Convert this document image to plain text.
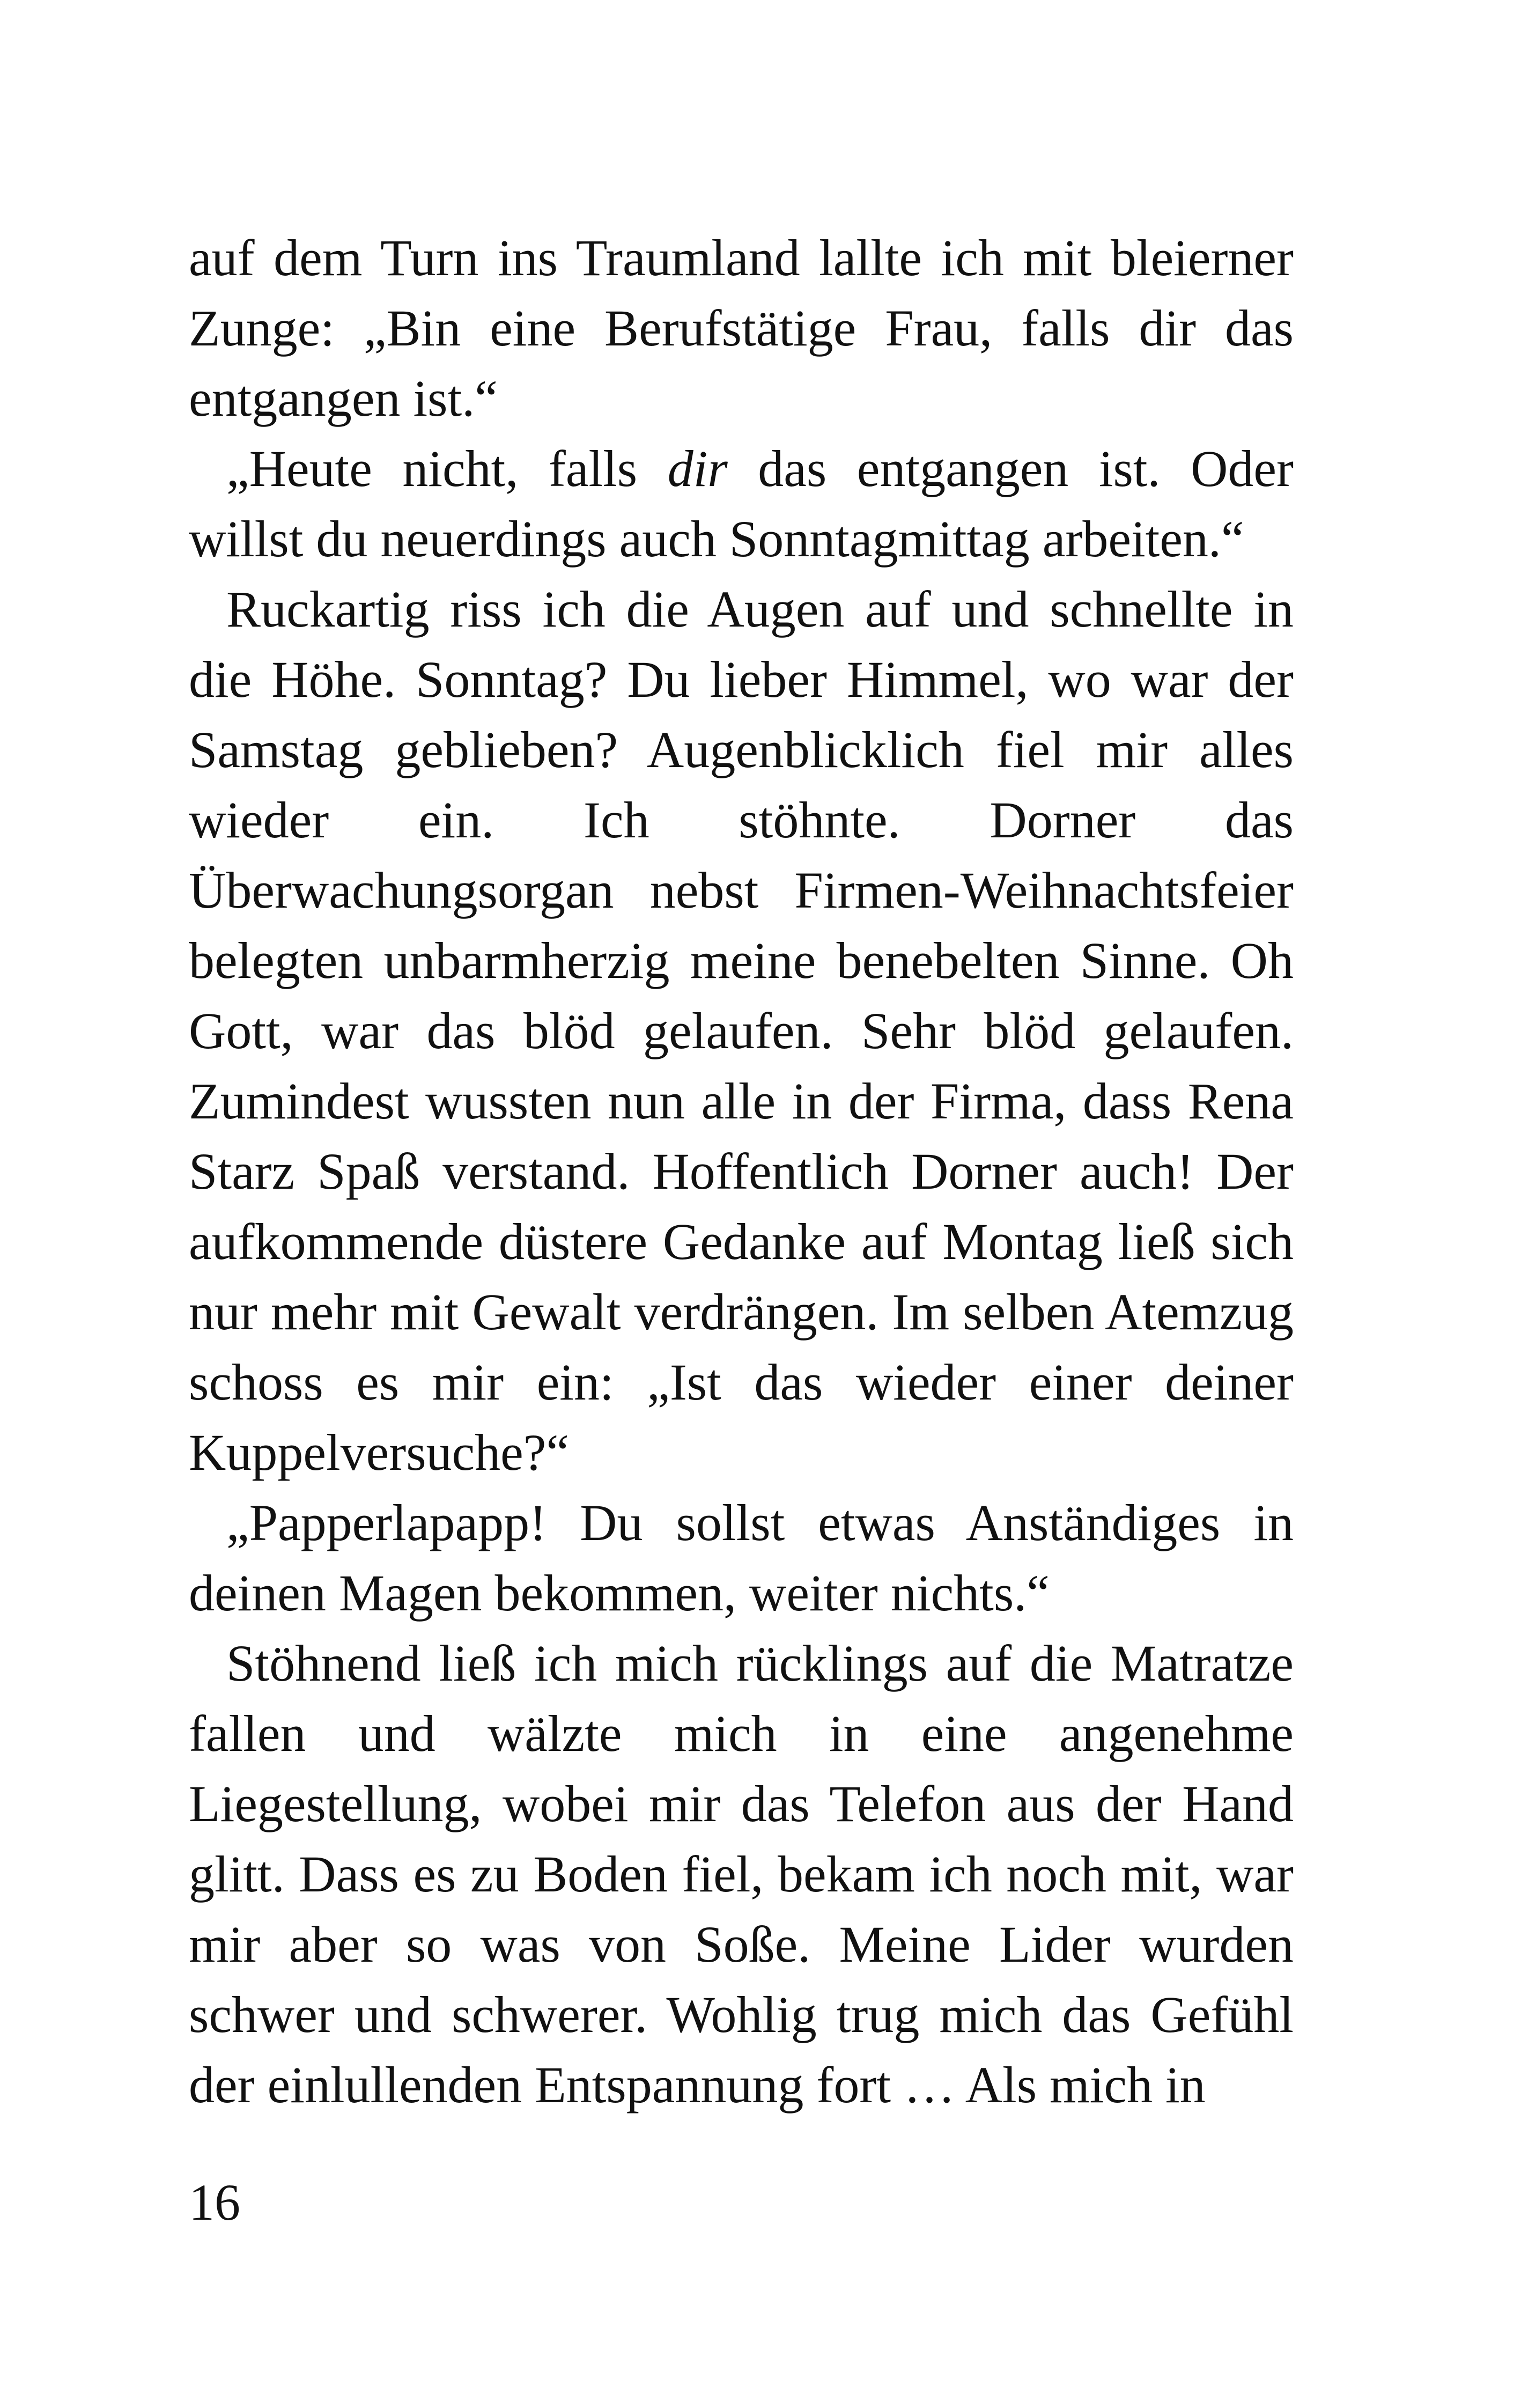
auf dem Turn ins Traumland lallte ich mit bleierner Zunge: „Bin eine Berufstätige Frau, falls dir das entgangen ist.“

„Heute nicht, falls dir das entgangen ist. Oder willst du neuerdings auch Sonntagmittag arbeiten.“

Ruckartig riss ich die Augen auf und schnellte in die Höhe. Sonntag? Du lieber Himmel, wo war der Samstag geblieben? Augenblicklich fiel mir alles wieder ein. Ich stöhnte. Dorner das Überwachungsorgan nebst Firmen-Weihnachtsfeier belegten unbarmherzig meine benebelten Sinne. Oh Gott, war das blöd gelaufen. Sehr blöd gelaufen. Zumindest wussten nun alle in der Firma, dass Rena Starz Spaß verstand. Hoffentlich Dorner auch! Der aufkommende düstere Gedanke auf Montag ließ sich nur mehr mit Gewalt verdrängen. Im selben Atemzug schoss es mir ein: „Ist das wieder einer deiner Kuppelversuche?“

„Papperlapapp! Du sollst etwas Anständiges in deinen Magen bekommen, weiter nichts.“

Stöhnend ließ ich mich rücklings auf die Matratze fallen und wälzte mich in eine angenehme Liegestellung, wobei mir das Telefon aus der Hand glitt. Dass es zu Boden fiel, bekam ich noch mit, war mir aber so was von Soße. Meine Lider wurden schwer und schwerer. Wohlig trug mich das Gefühl der einlullenden Entspannung fort … Als mich in

16
